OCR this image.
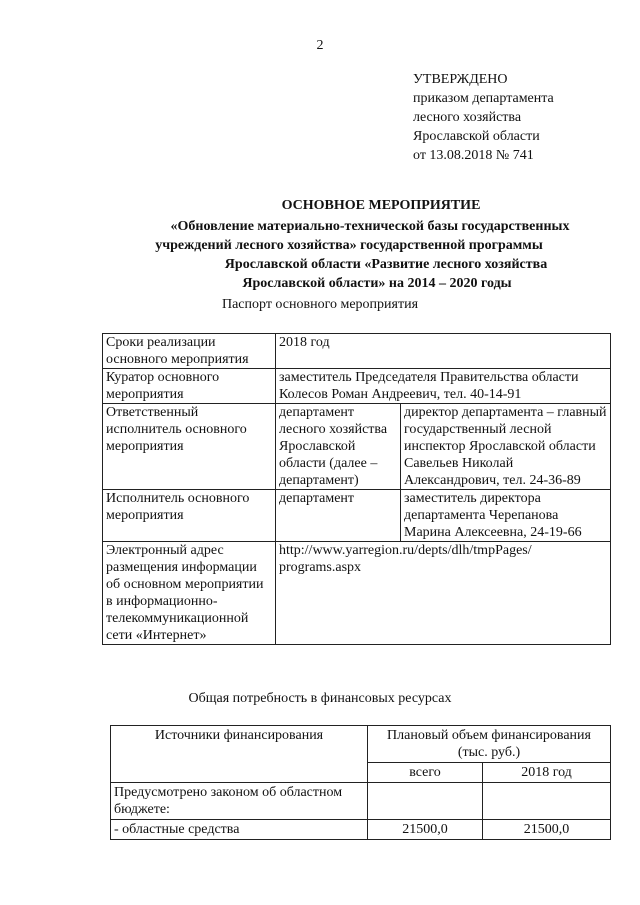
2
УТВЕРЖДЕНО
приказом департамента
лесного хозяйства
Ярославской области
от 13.08.2018 № 741
ОСНОВНОЕ МЕРОПРИЯТИЕ
«Обновление материально-технической базы государственных
учреждений лесного хозяйства» государственной программы
Ярославской области «Развитие лесного хозяйства
Ярославской области» на 2014 – 2020 годы
Паспорт основного мероприятия
Сроки реализации основного мероприятия	2018 год	
Куратор основного мероприятия	заместитель Председателя Правительства области Колесов Роман Андреевич, тел. 40-14-91	
Ответственный исполнитель основного мероприятия	департамент лесного хозяйства Ярославской области (далее – департамент)	директор департамента – главный государственный лесной инспектор Ярославской области Савельев Николай Александрович, тел. 24-36-89
Исполнитель основного мероприятия	департамент	заместитель директора департамента Черепанова Марина Алексеевна, 24-19-66
Электронный адрес размещения информации об основном мероприятии в информационно-телекоммуникационной сети «Интернет»	http://www.yarregion.ru/depts/dlh/tmpPages/ programs.aspx	
Общая потребность в финансовых ресурсах
Источники финансирования	Плановый объем финансирования (тыс. руб.)	
	всего	2018 год
Предусмотрено законом об областном бюджете:		
- областные средства	21500,0	21500,0
